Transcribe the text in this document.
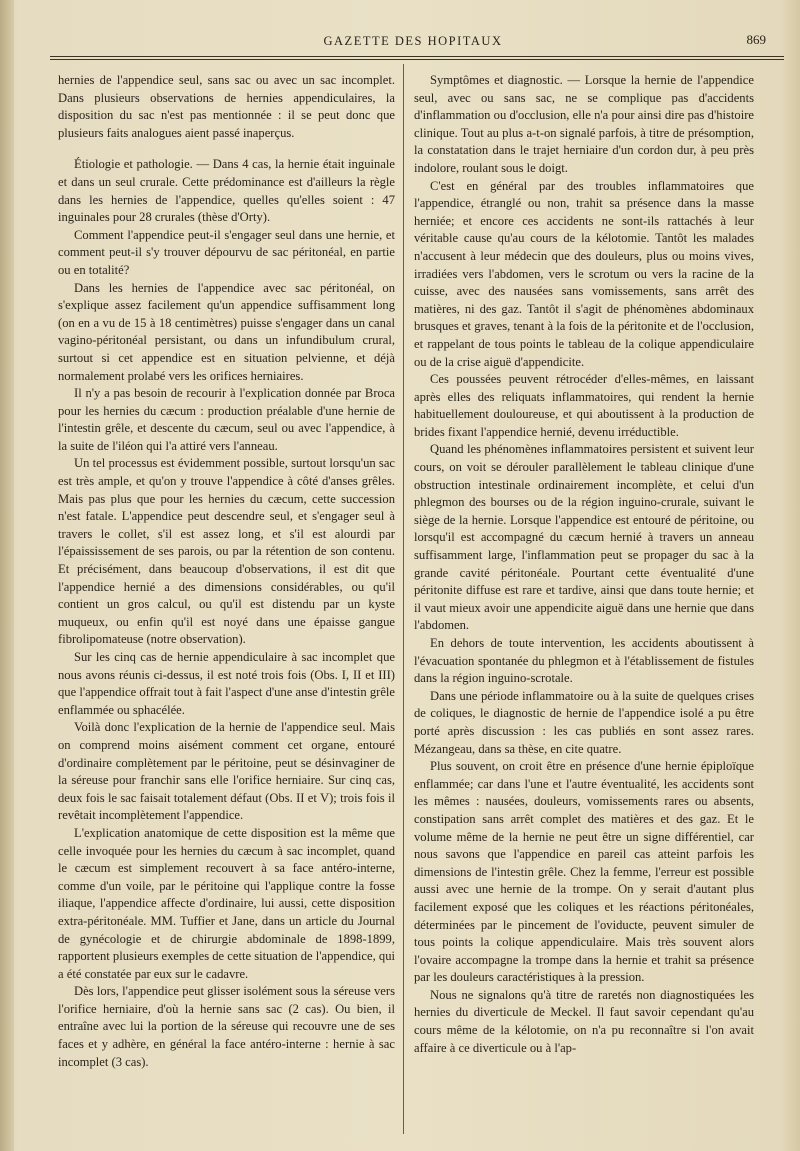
GAZETTE DES HOPITAUX	869

hernies de l'appendice seul, sans sac ou avec un sac incomplet. Dans plusieurs observations de hernies appendiculaires, la disposition du sac n'est pas mentionnée : il se peut donc que plusieurs faits analogues aient passé inaperçus.

Étiologie et pathologie. — Dans 4 cas, la hernie était inguinale et dans un seul crurale. Cette prédominance est d'ailleurs la règle dans les hernies de l'appendice, quelles qu'elles soient : 47 inguinales pour 28 crurales (thèse d'Orty).

Comment l'appendice peut-il s'engager seul dans une hernie, et comment peut-il s'y trouver dépourvu de sac péritonéal, en partie ou en totalité?

Dans les hernies de l'appendice avec sac péritonéal, on s'explique assez facilement qu'un appendice suffisamment long (on en a vu de 15 à 18 centimètres) puisse s'engager dans un canal vagino-péritonéal persistant, ou dans un infundibulum crural, surtout si cet appendice est en situation pelvienne, et déjà normalement prolabé vers les orifices herniaires.

Il n'y a pas besoin de recourir à l'explication donnée par Broca pour les hernies du cæcum : production préalable d'une hernie de l'intestin grêle, et descente du cæcum, seul ou avec l'appendice, à la suite de l'iléon qui l'a attiré vers l'anneau.

Un tel processus est évidemment possible, surtout lorsqu'un sac est très ample, et qu'on y trouve l'appendice à côté d'anses grêles. Mais pas plus que pour les hernies du cæcum, cette succession n'est fatale. L'appendice peut descendre seul, et s'engager seul à travers le collet, s'il est assez long, et s'il est alourdi par l'épaississement de ses parois, ou par la rétention de son contenu. Et précisément, dans beaucoup d'observations, il est dit que l'appendice hernié a des dimensions considérables, ou qu'il contient un gros calcul, ou qu'il est distendu par un kyste muqueux, ou enfin qu'il est noyé dans une épaisse gangue fibrolipomateuse (notre observation).

Sur les cinq cas de hernie appendiculaire à sac incomplet que nous avons réunis ci-dessus, il est noté trois fois (Obs. I, II et III) que l'appendice offrait tout à fait l'aspect d'une anse d'intestin grêle enflammée ou sphacélée.

Voilà donc l'explication de la hernie de l'appendice seul. Mais on comprend moins aisément comment cet organe, entouré d'ordinaire complètement par le péritoine, peut se désinvaginer de la séreuse pour franchir sans elle l'orifice herniaire. Sur cinq cas, deux fois le sac faisait totalement défaut (Obs. II et V); trois fois il revêtait incomplètement l'appendice.

L'explication anatomique de cette disposition est la même que celle invoquée pour les hernies du cæcum à sac incomplet, quand le cæcum est simplement recouvert à sa face antéro-interne, comme d'un voile, par le péritoine qui l'applique contre la fosse iliaque, l'appendice affecte d'ordinaire, lui aussi, cette disposition extra-péritonéale. MM. Tuffier et Jane, dans un article du Journal de gynécologie et de chirurgie abdominale de 1898-1899, rapportent plusieurs exemples de cette situation de l'appendice, qui a été constatée par eux sur le cadavre.

Dès lors, l'appendice peut glisser isolément sous la séreuse vers l'orifice herniaire, d'où la hernie sans sac (2 cas). Ou bien, il entraîne avec lui la portion de la séreuse qui recouvre une de ses faces et y adhère, en général la face antéro-interne : hernie à sac incomplet (3 cas).

Symptômes et diagnostic. — Lorsque la hernie de l'appendice seul, avec ou sans sac, ne se complique pas d'accidents d'inflammation ou d'occlusion, elle n'a pour ainsi dire pas d'histoire clinique. Tout au plus a-t-on signalé parfois, à titre de présomption, la constatation dans le trajet herniaire d'un cordon dur, à peu près indolore, roulant sous le doigt.

C'est en général par des troubles inflammatoires que l'appendice, étranglé ou non, trahit sa présence dans la masse herniée; et encore ces accidents ne sont-ils rattachés à leur véritable cause qu'au cours de la kélotomie. Tantôt les malades n'accusent à leur médecin que des douleurs, plus ou moins vives, irradiées vers l'abdomen, vers le scrotum ou vers la racine de la cuisse, avec des nausées sans vomissements, sans arrêt des matières, ni des gaz. Tantôt il s'agit de phénomènes abdominaux brusques et graves, tenant à la fois de la péritonite et de l'occlusion, et rappelant de tous points le tableau de la colique appendiculaire ou de la crise aiguë d'appendicite.

Ces poussées peuvent rétrocéder d'elles-mêmes, en laissant après elles des reliquats inflammatoires, qui rendent la hernie habituellement douloureuse, et qui aboutissent à la production de brides fixant l'appendice hernié, devenu irréductible.

Quand les phénomènes inflammatoires persistent et suivent leur cours, on voit se dérouler parallèlement le tableau clinique d'une obstruction intestinale ordinairement incomplète, et celui d'un phlegmon des bourses ou de la région inguino-crurale, suivant le siège de la hernie. Lorsque l'appendice est entouré de péritoine, ou lorsqu'il est accompagné du cæcum hernié à travers un anneau suffisamment large, l'inflammation peut se propager du sac à la grande cavité péritonéale. Pourtant cette éventualité d'une péritonite diffuse est rare et tardive, ainsi que dans toute hernie; et il vaut mieux avoir une appendicite aiguë dans une hernie que dans l'abdomen.

En dehors de toute intervention, les accidents aboutissent à l'évacuation spontanée du phlegmon et à l'établissement de fistules dans la région inguino-scrotale.

Dans une période inflammatoire ou à la suite de quelques crises de coliques, le diagnostic de hernie de l'appendice isolé a pu être porté après discussion : les cas publiés en sont assez rares. Mézangeau, dans sa thèse, en cite quatre.

Plus souvent, on croit être en présence d'une hernie épiploïque enflammée; car dans l'une et l'autre éventualité, les accidents sont les mêmes : nausées, douleurs, vomissements rares ou absents, constipation sans arrêt complet des matières et des gaz. Et le volume même de la hernie ne peut être un signe différentiel, car nous savons que l'appendice en pareil cas atteint parfois les dimensions de l'intestin grêle. Chez la femme, l'erreur est possible aussi avec une hernie de la trompe. On y serait d'autant plus facilement exposé que les coliques et les réactions péritonéales, déterminées par le pincement de l'oviducte, peuvent simuler de tous points la colique appendiculaire. Mais très souvent alors l'ovaire accompagne la trompe dans la hernie et trahit sa présence par les douleurs caractéristiques à la pression.

Nous ne signalons qu'à titre de raretés non diagnostiquées les hernies du diverticule de Meckel. Il faut savoir cependant qu'au cours même de la kélotomie, on n'a pu reconnaître si l'on avait affaire à ce diverticule ou à l'ap-
